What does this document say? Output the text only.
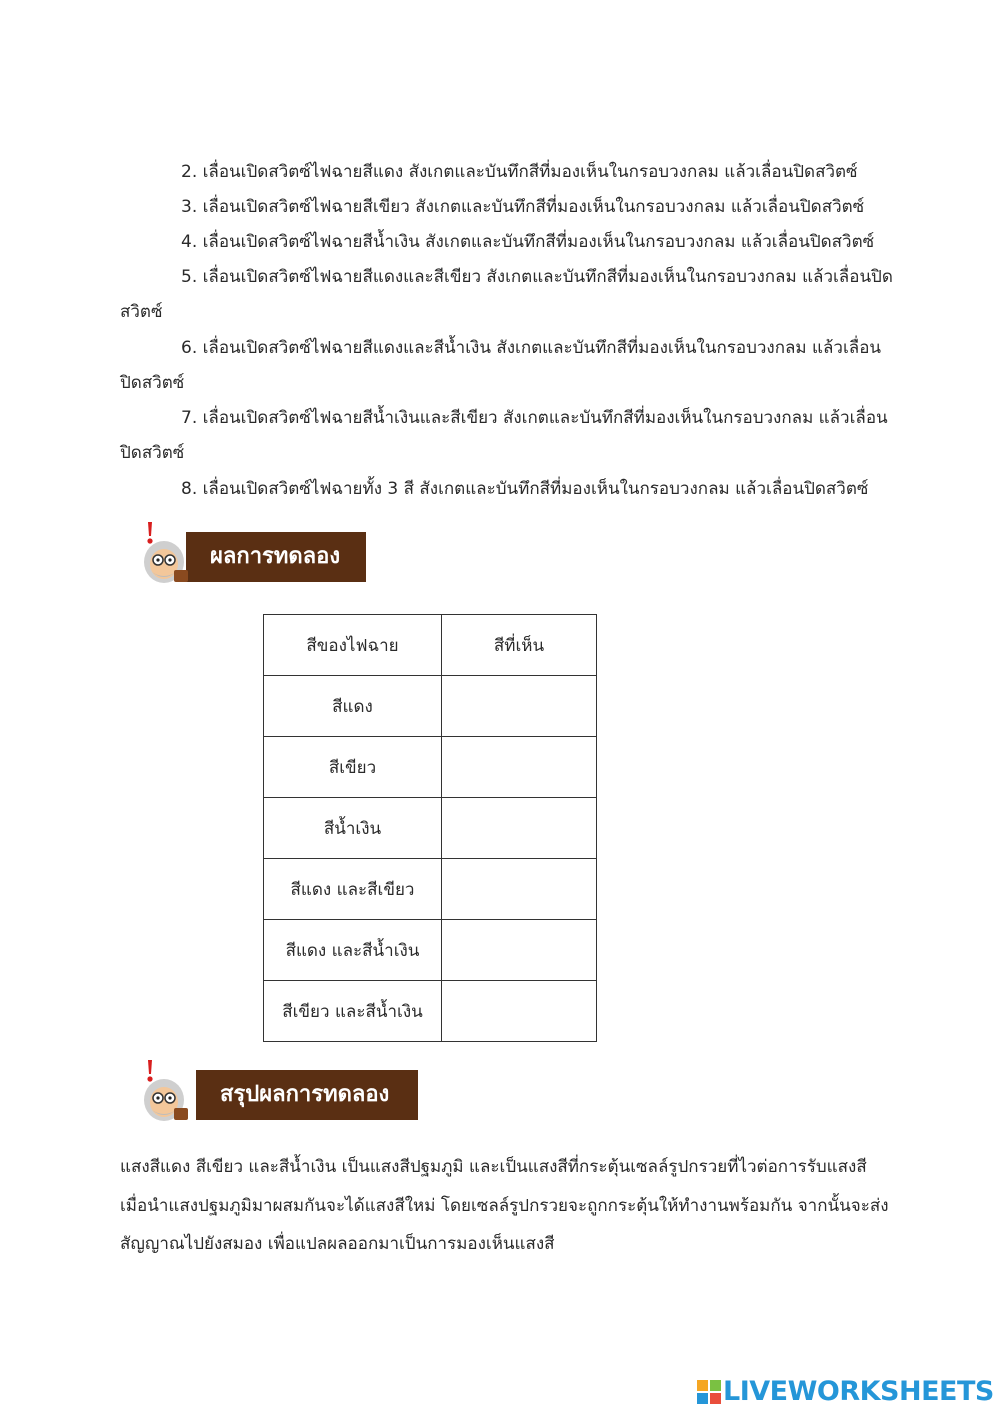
2. เลื่อนเปิดสวิตซ์ไฟฉายสีแดง สังเกตและบันทึกสีที่มองเห็นในกรอบวงกลม แล้วเลื่อนปิดสวิตซ์
3. เลื่อนเปิดสวิตซ์ไฟฉายสีเขียว สังเกตและบันทึกสีที่มองเห็นในกรอบวงกลม แล้วเลื่อนปิดสวิตซ์
4. เลื่อนเปิดสวิตซ์ไฟฉายสีน้ำเงิน สังเกตและบันทึกสีที่มองเห็นในกรอบวงกลม แล้วเลื่อนปิดสวิตซ์
5. เลื่อนเปิดสวิตซ์ไฟฉายสีแดงและสีเขียว สังเกตและบันทึกสีที่มองเห็นในกรอบวงกลม แล้วเลื่อนปิด
สวิตซ์
6. เลื่อนเปิดสวิตซ์ไฟฉายสีแดงและสีน้ำเงิน สังเกตและบันทึกสีที่มองเห็นในกรอบวงกลม แล้วเลื่อน
ปิดสวิตซ์
7. เลื่อนเปิดสวิตซ์ไฟฉายสีน้ำเงินและสีเขียว สังเกตและบันทึกสีที่มองเห็นในกรอบวงกลม แล้วเลื่อน
ปิดสวิตซ์
8. เลื่อนเปิดสวิตซ์ไฟฉายทั้ง 3 สี สังเกตและบันทึกสีที่มองเห็นในกรอบวงกลม แล้วเลื่อนปิดสวิตซ์
ผลการทดลอง
สีของไฟฉาย	สีที่เห็น
สีแดง	
สีเขียว	
สีน้ำเงิน	
สีแดง และสีเขียว	
สีแดง และสีน้ำเงิน	
สีเขียว และสีน้ำเงิน	
สรุปผลการทดลอง
แสงสีแดง สีเขียว และสีน้ำเงิน เป็นแสงสีปฐมภูมิ และเป็นแสงสีที่กระตุ้นเซลล์รูปกรวยที่ไวต่อการรับแสงสี
เมื่อนำแสงปฐมภูมิมาผสมกันจะได้แสงสีใหม่ โดยเซลล์รูปกรวยจะถูกกระตุ้นให้ทำงานพร้อมกัน จากนั้นจะส่ง
สัญญาณไปยังสมอง เพื่อแปลผลออกมาเป็นการมองเห็นแสงสี
LIVEWORKSHEETS
